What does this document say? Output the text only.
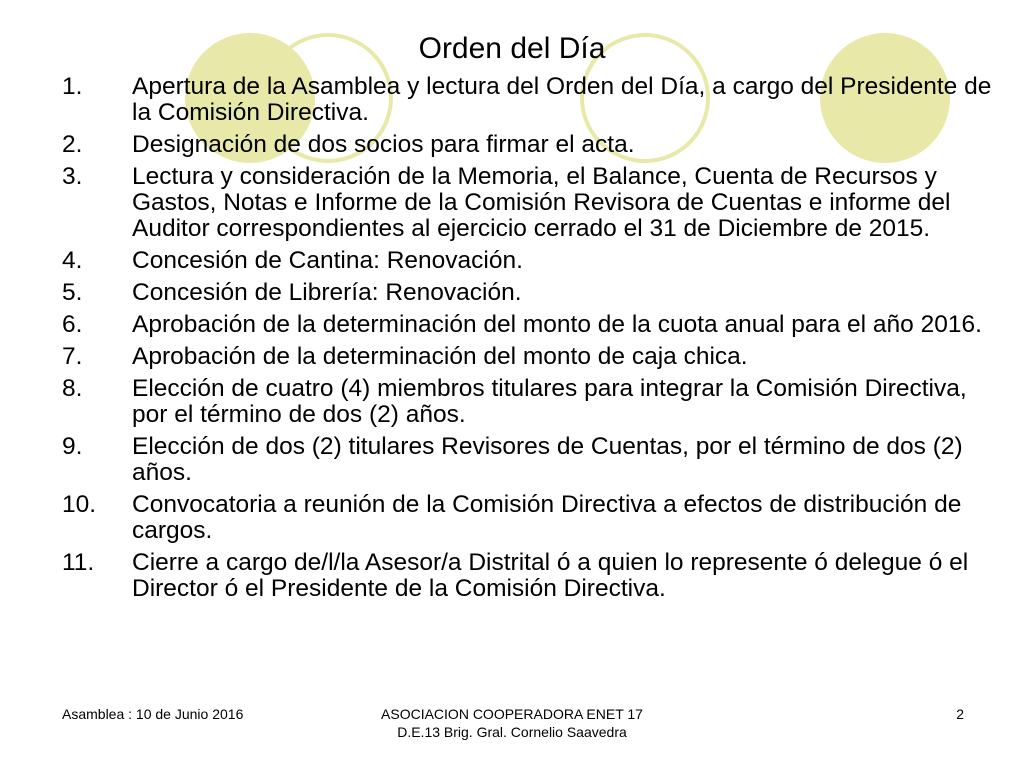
Orden del Día
1.	Apertura de la Asamblea y lectura del Orden del Día, a cargo del Presidente de la Comisión Directiva.
2.	Designación de dos socios para firmar el acta.
3.	Lectura y consideración de la Memoria, el Balance, Cuenta de Recursos y Gastos, Notas e Informe de la Comisión Revisora de Cuentas e informe del Auditor correspondientes al ejercicio cerrado el 31 de Diciembre de 2015.
4.	Concesión de Cantina: Renovación.
5.	Concesión de Librería: Renovación.
6.	Aprobación de la determinación del monto de la cuota anual para el año 2016.
7.	Aprobación de la determinación del monto de caja chica.
8.	Elección de cuatro (4) miembros titulares para integrar la Comisión Directiva, por el término de dos (2) años.
9.	Elección de dos (2) titulares Revisores de Cuentas, por el término de dos (2) años.
10.	Convocatoria a reunión de la Comisión Directiva a efectos de distribución de cargos.
11.	Cierre a cargo de/l/la Asesor/a Distrital ó a quien lo represente ó delegue ó el Director ó el Presidente de la Comisión Directiva.
Asamblea : 10 de Junio 2016	ASOCIACION COOPERADORA ENET 17
D.E.13 Brig. Gral. Cornelio Saavedra
2
